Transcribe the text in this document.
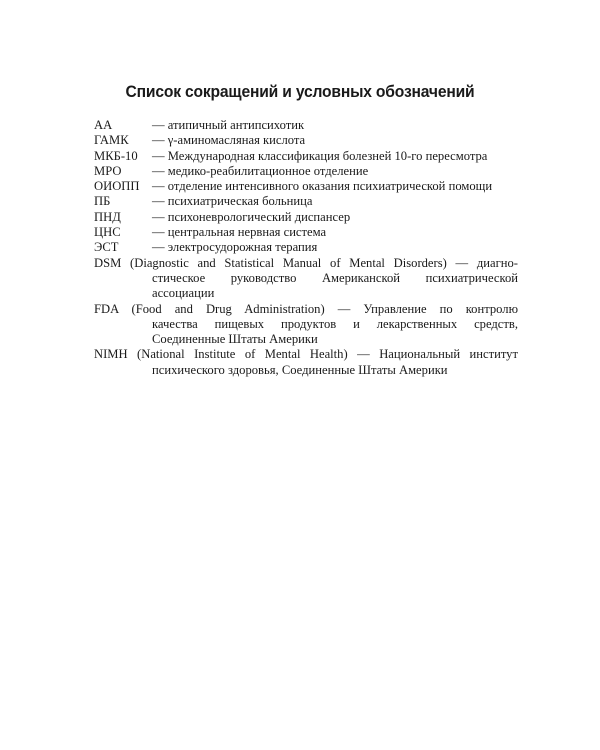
Список сокращений и условных обозначений
АА	— атипичный антипсихотик
ГАМК	— γ-аминомасляная кислота
МКБ-10	— Международная классификация болезней 10-го пересмотра
МРО	— медико-реабилитационное отделение
ОИОПП — отделение интенсивного оказания психиатрической помощи
ПБ	— психиатрическая больница
ПНД	— психоневрологический диспансер
ЦНС	— центральная нервная система
ЭСТ	— электросудорожная терапия
DSM (Diagnostic and Statistical Manual of Mental Disorders) — диагно-
стическое руководство Американской психиатрической
ассоциации
FDA (Food and Drug Administration) — Управление по контролю
качества пищевых продуктов и лекарственных средств,
Соединенные Штаты Америки
NIMH (National Institute of Mental Health) — Национальный институт
психического здоровья, Соединенные Штаты Америки
